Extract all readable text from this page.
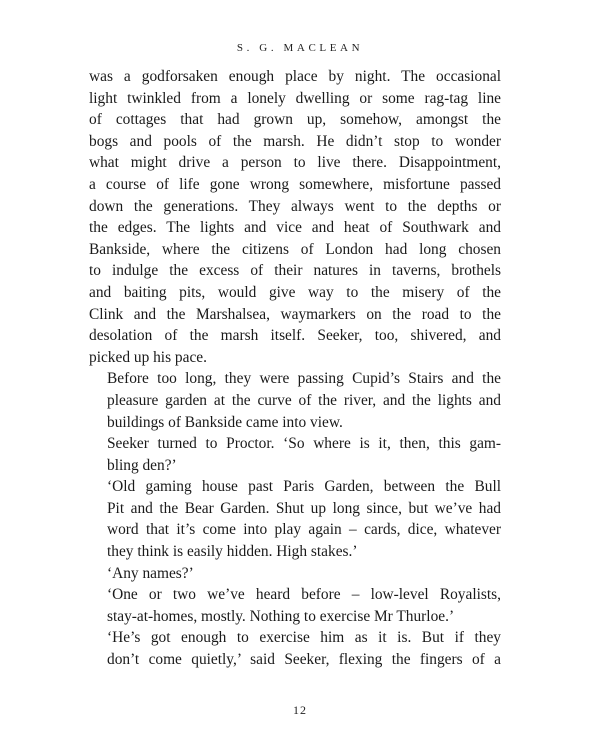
S. G. MACLEAN

was a godforsaken enough place by night. The occasional
light twinkled from a lonely dwelling or some rag-tag line
of cottages that had grown up, somehow, amongst the
bogs and pools of the marsh. He didn’t stop to wonder
what might drive a person to live there. Disappointment,
a course of life gone wrong somewhere, misfortune passed
down the generations. They always went to the depths or
the edges. The lights and vice and heat of Southwark and
Bankside, where the citizens of London had long chosen
to indulge the excess of their natures in taverns, brothels
and baiting pits, would give way to the misery of the
Clink and the Marshalsea, waymarkers on the road to the
desolation of the marsh itself. Seeker, too, shivered, and
picked up his pace.

Before too long, they were passing Cupid’s Stairs and the
pleasure garden at the curve of the river, and the lights and
buildings of Bankside came into view.

Seeker turned to Proctor. ‘So where is it, then, this gam-
bling den?’

‘Old gaming house past Paris Garden, between the Bull
Pit and the Bear Garden. Shut up long since, but we’ve had
word that it’s come into play again – cards, dice, whatever
they think is easily hidden. High stakes.’

‘Any names?’

‘One or two we’ve heard before – low-level Royalists,
stay-at-homes, mostly. Nothing to exercise Mr Thurloe.’

‘He’s got enough to exercise him as it is. But if they
don’t come quietly,’ said Seeker, flexing the fingers of a

12
